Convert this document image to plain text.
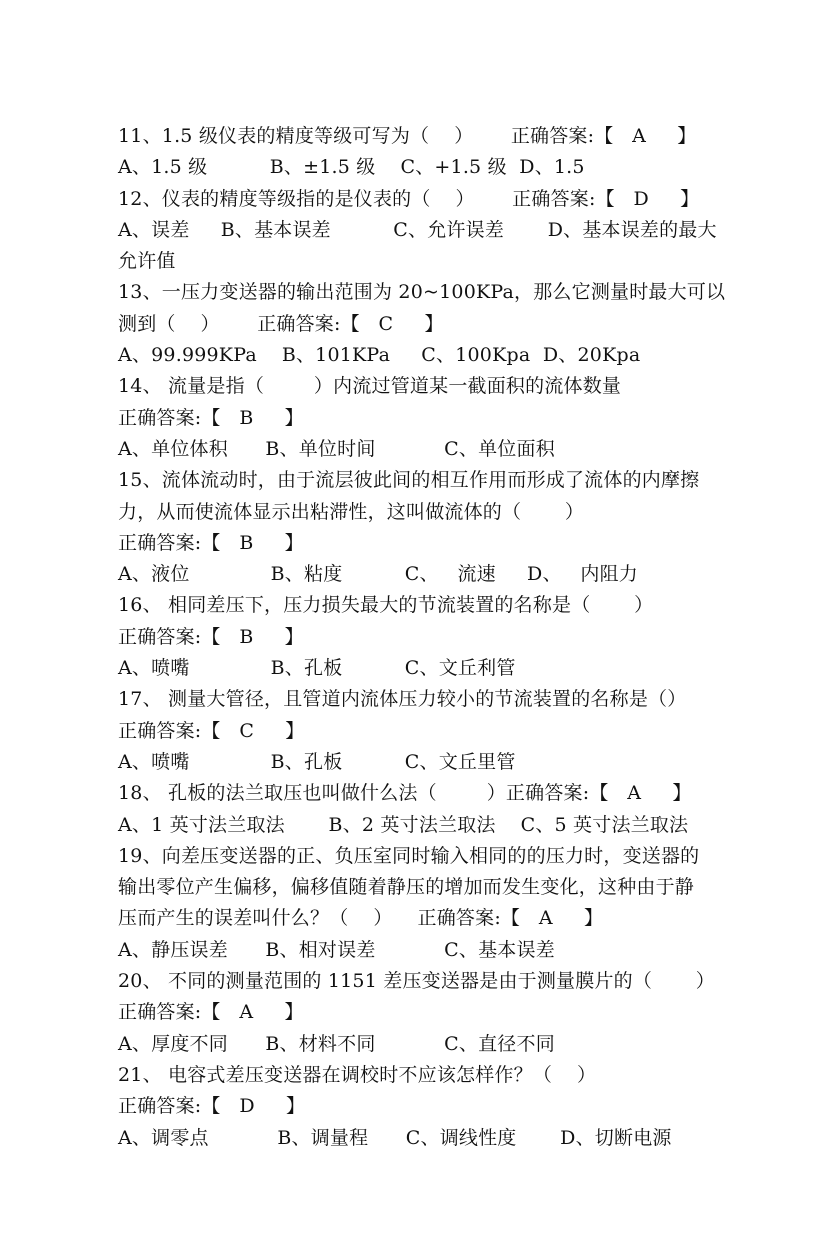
11、1.5 级仪表的精度等级可写为（    ）      正确答案:【   A     】
A、1.5 级          B、±1.5 级    C、+1.5 级  D、1.5
12、仪表的精度等级指的是仪表的（    ）      正确答案:【   D     】
A、误差     B、基本误差          C、允许误差       D、基本误差的最大
允许值
13、一压力变送器的输出范围为 20~100KPa，那么它测量时最大可以
测到（    ）      正确答案:【   C     】
A、99.999KPa    B、101KPa     C、100Kpa  D、20Kpa
14、 流量是指（        ）内流过管道某一截面积的流体数量
正确答案:【   B     】
A、单位体积      B、单位时间           C、单位面积
15、流体流动时，由于流层彼此间的相互作用而形成了流体的内摩擦
力，从而使流体显示出粘滞性，这叫做流体的（       ）
正确答案:【   B     】
A、液位             B、粘度          C、   流速     D、   内阻力
16、 相同差压下，压力损失最大的节流装置的名称是（       ）
正确答案:【   B     】
A、喷嘴             B、孔板          C、文丘利管
17、 测量大管径，且管道内流体压力较小的节流装置的名称是（）
正确答案:【   C     】
A、喷嘴             B、孔板          C、文丘里管
18、 孔板的法兰取压也叫做什么法（        ）正确答案:【   A     】
A、1 英寸法兰取法       B、2 英寸法兰取法    C、5 英寸法兰取法
19、向差压变送器的正、负压室同时输入相同的的压力时，变送器的
输出零位产生偏移，偏移值随着静压的增加而发生变化，这种由于静
压而产生的误差叫什么？（    ）    正确答案:【   A     】
A、静压误差      B、相对误差           C、基本误差
20、 不同的测量范围的 1151 差压变送器是由于测量膜片的（       ）
正确答案:【   A     】
A、厚度不同      B、材料不同           C、直径不同
21、 电容式差压变送器在调校时不应该怎样作？（    ）
正确答案:【   D     】
A、调零点           B、调量程      C、调线性度       D、切断电源
